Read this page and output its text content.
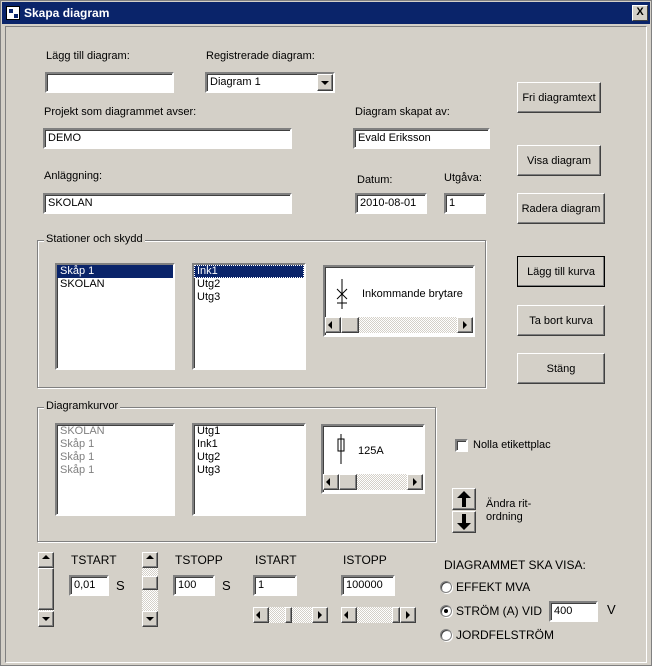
Skapa diagram	X
Lägg till diagram:	Registrerade diagram:
Diagram 1
Projekt som diagrammet avser:
DEMO
Diagram skapat av:
Evald Eriksson
Anläggning:
SKOLAN
Datum:
2010-08-01
Utgåva:
1
Fri diagramtext
Visa diagram
Radera diagram
Lägg till kurva
Ta bort kurva
Stäng
Stationer och skydd
Skåp 1
SKOLAN
Ink1
Utg2
Utg3	Inkommande brytare
Diagramkurvor
SKOLAN
Skåp 1
Skåp 1
Skåp 1
Utg1
Ink1
Utg2
Utg3
125A	Nolla etikettplac
Ändra rit-
ordning
TSTART
0,01	S
TSTOPP
100	S
ISTART
1
ISTOPP
100000
DIAGRAMMET SKA VISA:
EFFEKT MVA
STRÖM (A) VID	400	V
JORDFELSTRÖM
